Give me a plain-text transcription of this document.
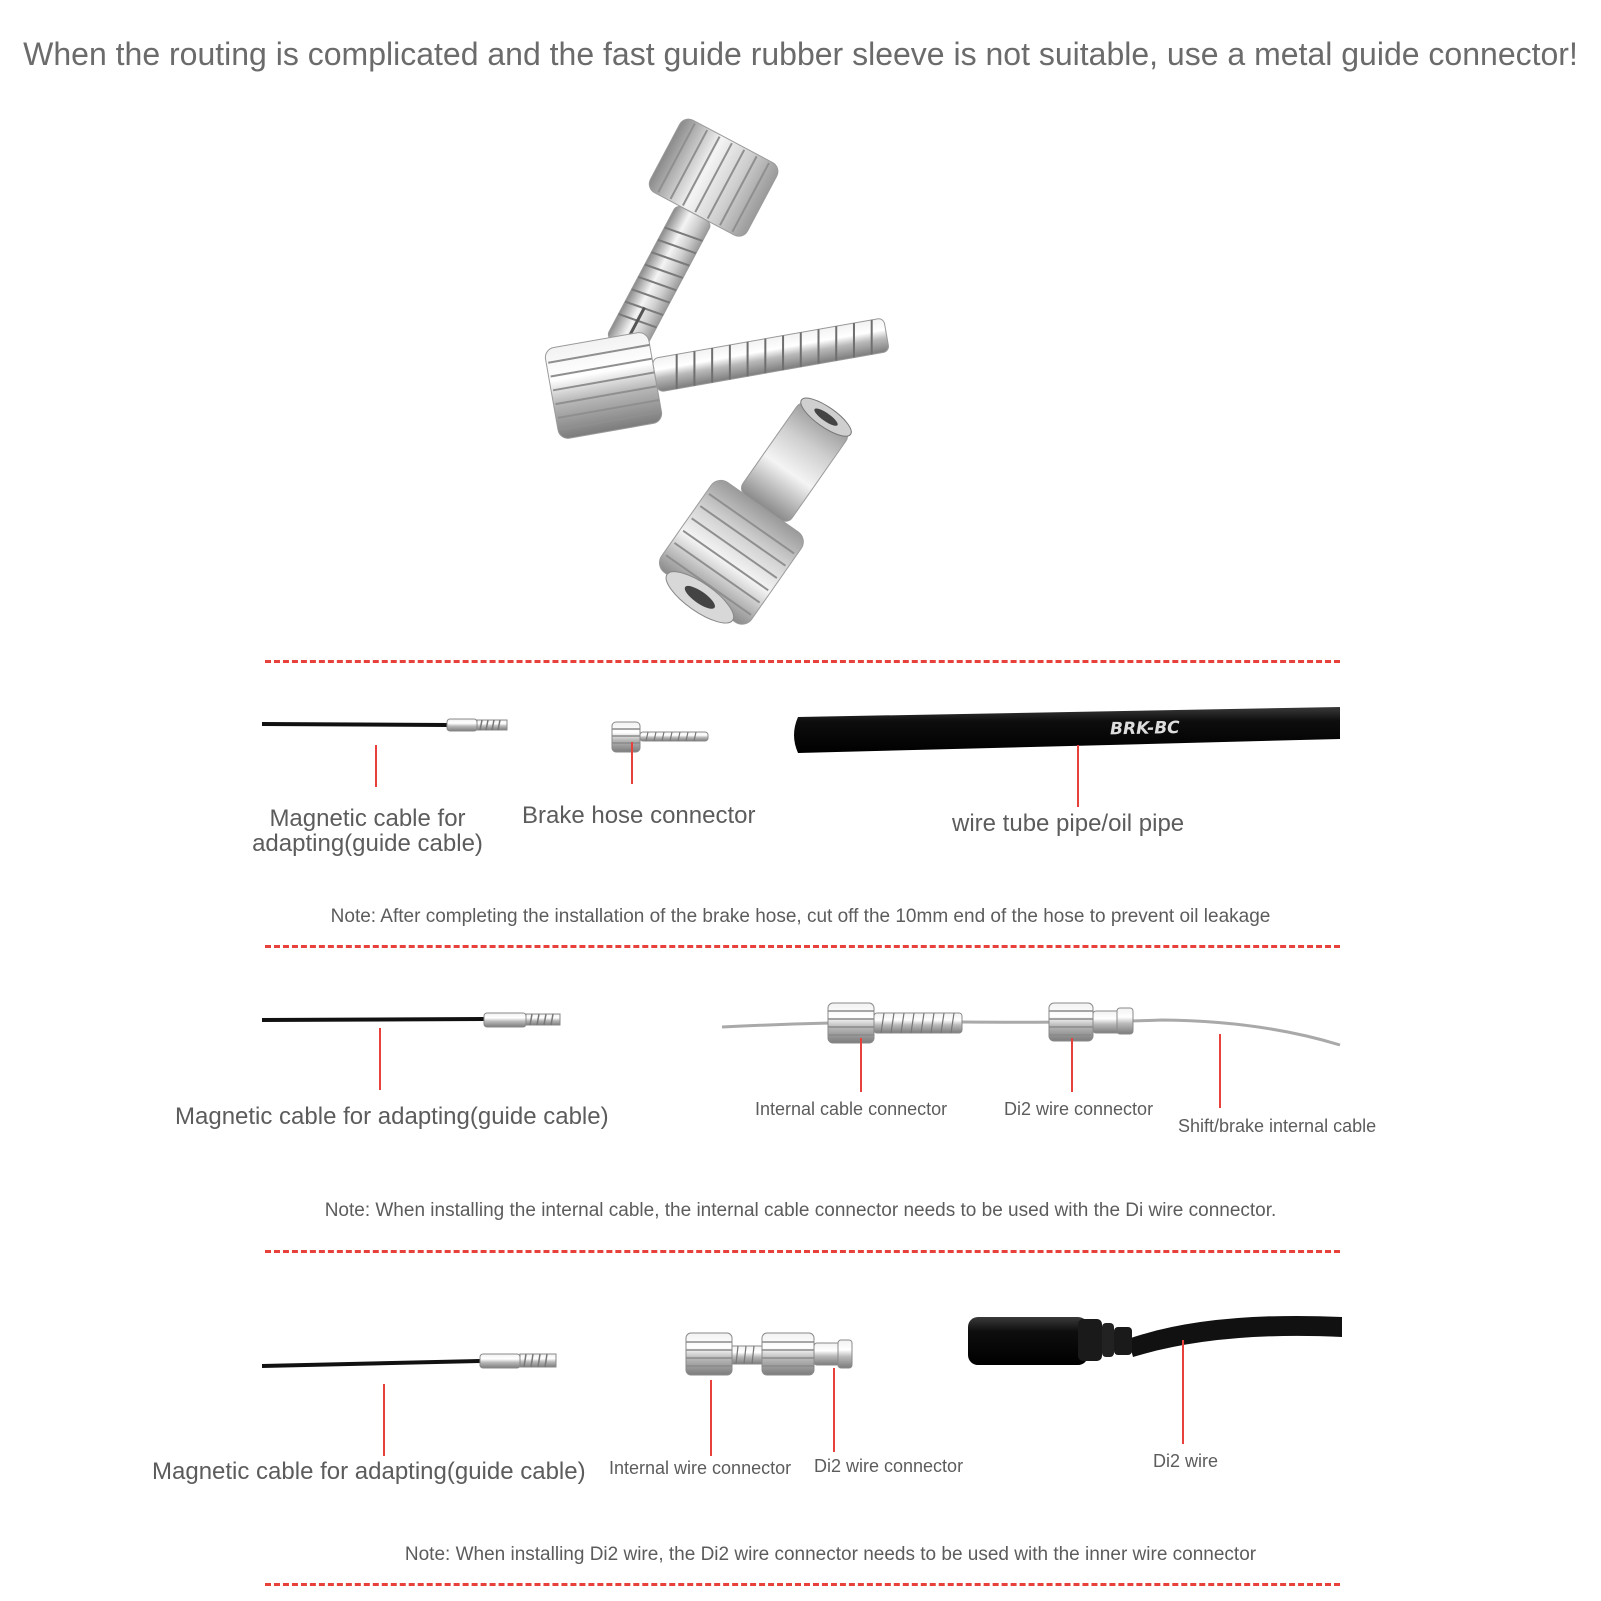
When the routing is complicated and the fast guide rubber sleeve is not suitable, use a metal guide connector!
BRK-BC
Magnetic cable for
adapting(guide cable)
Brake hose connector	wire tube pipe/oil pipe
Note: After completing the installation of the brake hose, cut off the 10mm end of the hose to prevent oil leakage
Magnetic cable for adapting(guide cable)	Internal cable connector	Di2 wire connector
Shift/brake internal cable
Note: When installing the internal cable, the internal cable connector needs to be used with the Di wire connector.
Magnetic cable for adapting(guide cable) Internal wire connector Di2 wire connector	Di2 wire
Note: When installing Di2 wire, the Di2 wire connector needs to be used with the inner wire connector
